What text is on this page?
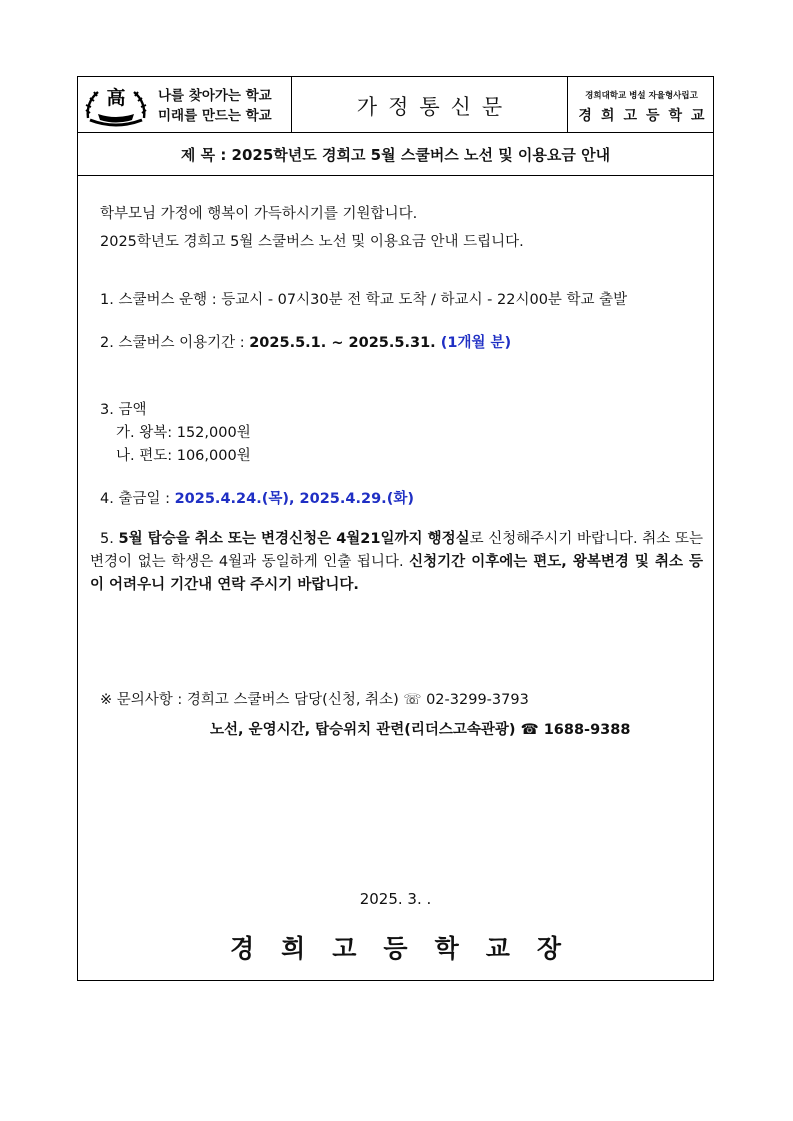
高 나를 찾아가는 학교
미래를 만드는 학교	가정통신문	경희대학교 병설 자율형사립고
경희고등학교
제 목 : 2025학년도 경희고 5월 스쿨버스 노선 및 이용요금 안내
학부모님 가정에 행복이 가득하시기를 기원합니다.
2025학년도 경희고 5월 스쿨버스 노선 및 이용요금 안내 드립니다.
1. 스쿨버스 운행 : 등교시 - 07시30분 전 학교 도착 / 하교시 - 22시00분 학교 출발
2. 스쿨버스 이용기간 : 2025.5.1. ~ 2025.5.31. (1개월 분)
3. 금액
가. 왕복: 152,000원
나. 편도: 106,000원
4. 출금일 : 2025.4.24.(목), 2025.4.29.(화)
5. 5월 탑승을 취소 또는 변경신청은 4월21일까지 행정실로 신청해주시기 바랍니다. 취소 또는 변경이 없는 학생은 4월과 동일하게 인출 됩니다. 신청기간 이후에는 편도, 왕복변경 및 취소 등이 어려우니 기간내 연락 주시기 바랍니다.
※ 문의사항 : 경희고 스쿨버스 담당(신청, 취소) ☏ 02-3299-3793
노선, 운영시간, 탑승위치 관련(리더스고속관광) ☎ 1688-9388
2025. 3. .
경희고등학교장
